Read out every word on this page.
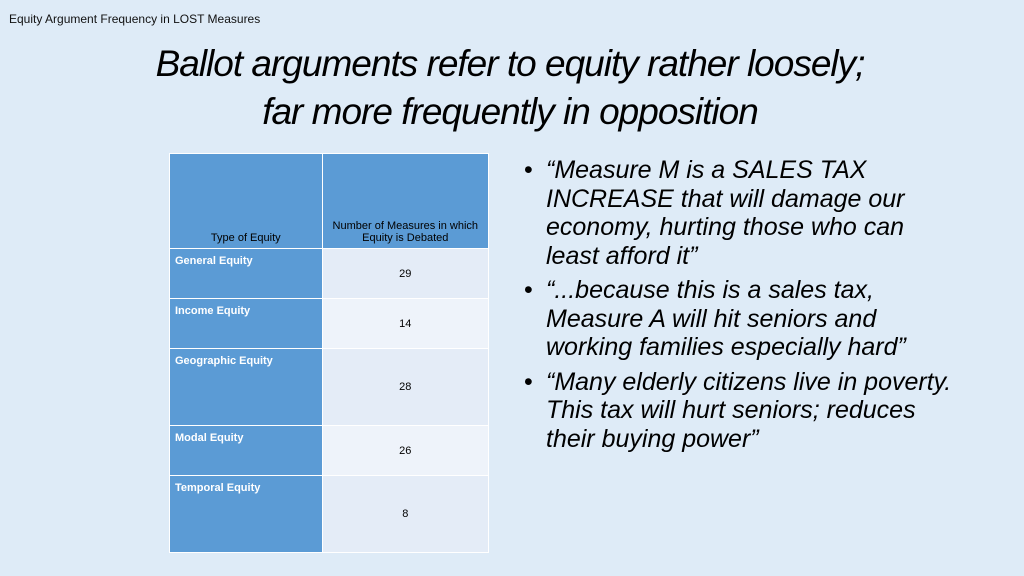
Equity Argument Frequency in LOST Measures
Ballot arguments refer to equity rather loosely;
far more frequently in opposition
Type of Equity	Number of Measures in which Equity is Debated
General Equity	29
Income Equity	14
Geographic Equity	28
Modal Equity	26
Temporal Equity	8
• “Measure M is a SALES TAX INCREASE that will damage our economy, hurting those who can least afford it”
• “...because this is a sales tax, Measure A will hit seniors and working families especially hard”
• “Many elderly citizens live in poverty. This tax will hurt seniors; reduces their buying power”
